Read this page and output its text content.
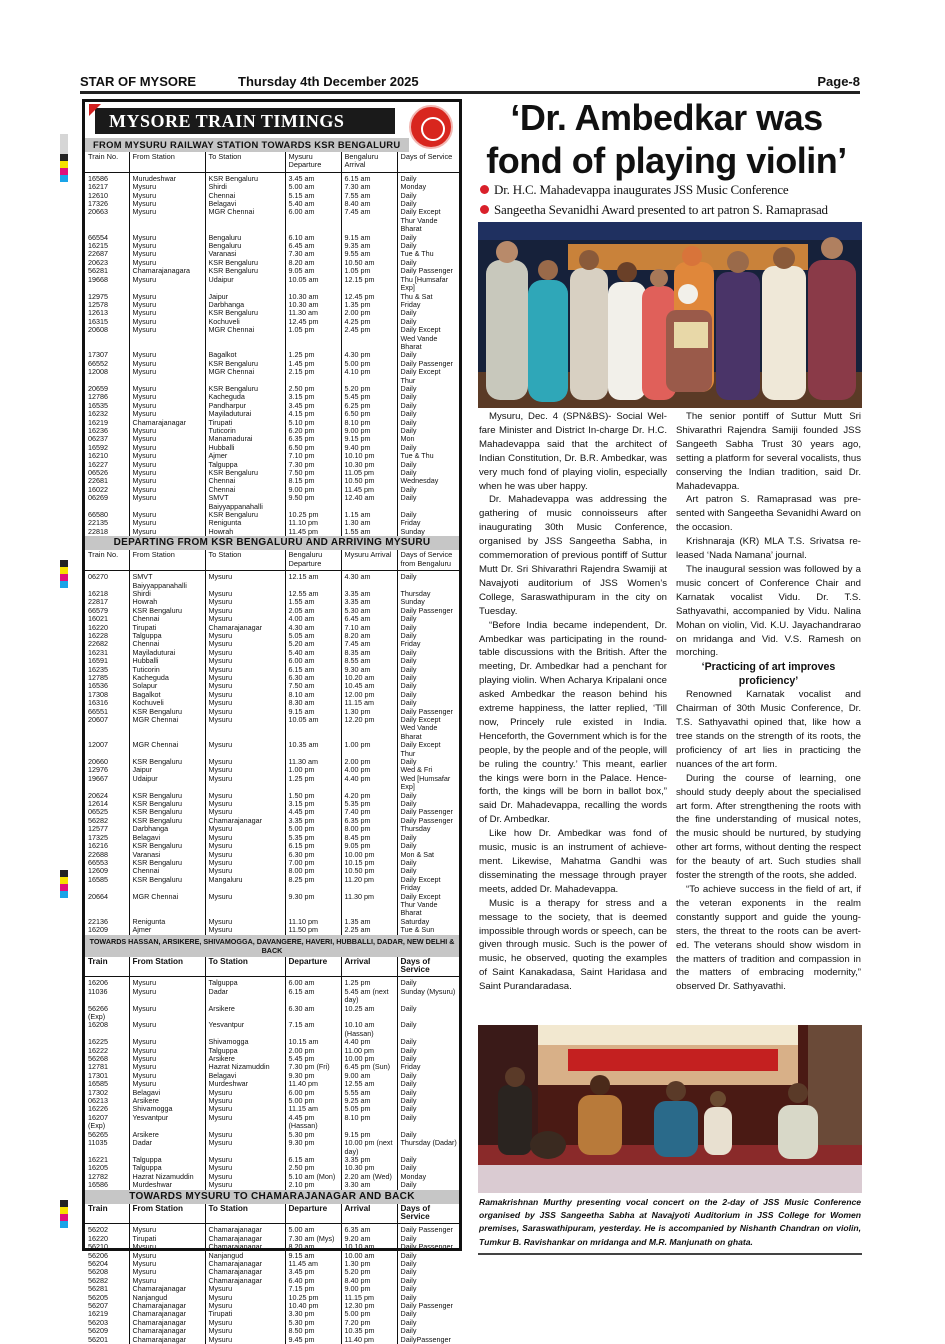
STAR OF MYSORE	Thursday 4th December 2025	Page-8
MYSORE TRAIN TIMINGS
FROM MYSURU RAILWAY STATION TOWARDS KSR BENGALURU
Train No.	From Station	To Station	Mysuru Departure	Bengaluru Arrival	Days of Service
16586	Murudeshwar	KSR Bengaluru	3.45 am	6.15 am	Daily
16217	Mysuru	Shirdi	5.00 am	7.30 am	Monday
12610	Mysuru	Chennai	5.15 am	7.55 am	Daily
17326	Mysuru	Belagavi	5.40 am	8.40 am	Daily
20663	Mysuru	MGR Chennai	6.00 am	7.45 am	Daily Except Thur Vande Bharat
66554	Mysuru	Bengaluru	6.10 am	9.15 am	Daily
16215	Mysuru	Bengaluru	6.45 am	9.35 am	Daily
22687	Mysuru	Varanasi	7.30 am	9.55 am	Tue & Thu
20623	Mysuru	KSR Bengaluru	8.20 am	10.50 am	Daily
56281	Chamarajanagara	KSR Bengaluru	9.05 am	1.05 pm	Daily Passenger
19668	Mysuru	Udaipur	10.05 am	12.15 pm	Thu [Humsafar Exp]
12975	Mysuru	Jaipur	10.30 am	12.45 pm	Thu & Sat
12578	Mysuru	Darbhanga	10.30 am	1.35 pm	Friday
12613	Mysuru	KSR Bengaluru	11.30 am	2.00 pm	Daily
16315	Mysuru	Kochuveli	12.45 pm	4.25 pm	Daily
20608	Mysuru	MGR Chennai	1.05 pm	2.45 pm	Daily Except Wed Vande Bharat
17307	Mysuru	Bagalkot	1.25 pm	4.30 pm	Daily
66552	Mysuru	KSR Bengaluru	1.45 pm	5.00 pm	Daily Passenger
12008	Mysuru	MGR Chennai	2.15 pm	4.10 pm	Daily Except Thur
20659	Mysuru	KSR Bengaluru	2.50 pm	5.20 pm	Daily
12786	Mysuru	Kacheguda	3.15 pm	5.45 pm	Daily
16535	Mysuru	Pandharpur	3.45 pm	6.25 pm	Daily
16232	Mysuru	Mayiladuturai	4.15 pm	6.50 pm	Daily
16219	Chamarajanagar	Tirupati	5.10 pm	8.10 pm	Daily
16236	Mysuru	Tuticorin	6.20 pm	9.00 pm	Daily
06237	Mysuru	Manamadurai	6.35 pm	9.15 pm	Mon
16592	Mysuru	Hubballi	6.50 pm	9.40 pm	Daily
16210	Mysuru	Ajmer	7.10 pm	10.10 pm	Tue & Thu
16227	Mysuru	Talguppa	7.30 pm	10.30 pm	Daily
06526	Mysuru	KSR Bengaluru	7.50 pm	11.05 pm	Daily
22681	Mysuru	Chennai	8.15 pm	10.50 pm	Wednesday
16022	Mysuru	Chennai	9.00 pm	11.45 pm	Daily
06269	Mysuru	SMVT Baiyyappanahalli	9.50 pm	12.40 am	Daily
66580	Mysuru	KSR Bengaluru	10.25 pm	1.15 am	Daily
22135	Mysuru	Renigunta	11.10 pm	1.30 am	Friday
22818	Mysuru	Howrah	11.45 pm	1.55 am	Sunday
DEPARTING FROM KSR BENGALURU AND ARRIVING MYSURU
Train No.	From Station	To Station	Bengaluru Departure	Mysuru Arrival	Days of Service from Bengaluru
06270	SMVT Baiyyappanahalli	Mysuru	12.15 am	4.30 am	Daily
16218	Shirdi	Mysuru	12.55 am	3.35 am	Thursday
22817	Howrah	Mysuru	1.55 am	3.35 am	Sunday
66579	KSR Bengaluru	Mysuru	2.05 am	5.30 am	Daily Passenger
16021	Chennai	Mysuru	4.00 am	6.45 am	Daily
16220	Tirupati	Chamarajanagar	4.30 am	7.10 am	Daily
16228	Talguppa	Mysuru	5.05 am	8.20 am	Daily
22682	Chennai	Mysuru	5.20 am	7.45 am	Friday
16231	Mayiladuturai	Mysuru	5.40 am	8.35 am	Daily
16591	Hubballi	Mysuru	6.00 am	8.55 am	Daily
16235	Tuticorin	Mysuru	6.15 am	9.30 am	Daily
12785	Kacheguda	Mysuru	6.30 am	10.20 am	Daily
16536	Solapur	Mysuru	7.50 am	10.45 am	Daily
17308	Bagalkot	Mysuru	8.10 am	12.00 pm	Daily
16316	Kochuveli	Mysuru	8.30 am	11.15 am	Daily
66551	KSR Bengaluru	Mysuru	9.15 am	1.30 pm	Daily Passenger
20607	MGR Chennai	Mysuru	10.05 am	12.20 pm	Daily Except Wed Vande Bharat
12007	MGR Chennai	Mysuru	10.35 am	1.00 pm	Daily Except Thur
20660	KSR Bengaluru	Mysuru	11.30 am	2.00 pm	Daily
12976	Jaipur	Mysuru	1.00 pm	4.00 pm	Wed & Fri
19667	Udaipur	Mysuru	1.25 pm	4.40 pm	Wed [Humsafar Exp]
20624	KSR Bengaluru	Mysuru	1.50 pm	4.20 pm	Daily
12614	KSR Bengaluru	Mysuru	3.15 pm	5.35 pm	Daily
06525	KSR Bengaluru	Mysuru	4.45 pm	7.40 pm	Daily Passenger
56282	KSR Bengaluru	Chamarajanagar	3.35 pm	6.35 pm	Daily Passenger
12577	Darbhanga	Mysuru	5.00 pm	8.00 pm	Thursday
17325	Belagavi	Mysuru	5.35 pm	8.45 pm	Daily
16216	KSR Bengaluru	Mysuru	6.15 pm	9.05 pm	Daily
22688	Varanasi	Mysuru	6.30 pm	10.00 pm	Mon & Sat
66553	KSR Bengaluru	Mysuru	7.00 pm	10.15 pm	Daily
12609	Chennai	Mysuru	8.00 pm	10.50 pm	Daily
16585	KSR Bengaluru	Mangaluru	8.25 pm	11.20 pm	Daily Except Friday
20664	MGR Chennai	Mysuru	9.30 pm	11.30 pm	Daily Except Thur Vande Bharat
22136	Renigunta	Mysuru	11.10 pm	1.35 am	Saturday
16209	Ajmer	Mysuru	11.50 pm	2.25 am	Tue & Sun
TOWARDS HASSAN, ARSIKERE, SHIVAMOGGA, DAVANGERE, HAVERI, HUBBALLI, DADAR, NEW DELHI & BACK
Train	From Station	To Station	Departure	Arrival	Days of Service
16206	Mysuru	Talguppa	6.00 am	1.25 pm	Daily
11036	Mysuru	Dadar	6.15 am	5.45 am (next day)	Sunday (Mysuru)
56266 (Exp)	Mysuru	Arsikere	6.30 am	10.25 am	Daily
16208	Mysuru	Yesvantpur	7.15 am	10.10 am (Hassan)	Daily
16225	Mysuru	Shivamogga	10.15 am	4.40 pm	Daily
16222	Mysuru	Talguppa	2.00 pm	11.00 pm	Daily
56268	Mysuru	Arsikere	5.45 pm	10.00 pm	Daily
12781	Mysuru	Hazrat Nizamuddin	7.30 pm (Fri)	6.45 pm (Sun)	Friday
17301	Mysuru	Belagavi	9.30 pm	9.00 am	Daily
16585	Mysuru	Murdeshwar	11.40 pm	12.55 am	Daily
17302	Belagavi	Mysuru	6.00 pm	5.55 am	Daily
06213	Arsikere	Mysuru	5.00 pm	9.25 am	Daily
16226	Shivamogga	Mysuru	11.15 am	5.05 pm	Daily
16207 (Exp)	Yesvantpur	Mysuru	4.45 pm (Hassan)	8.10 pm	Daily
56265	Arsikere	Mysuru	5.30 pm	9.15 pm	Daily
11035	Dadar	Mysuru	9.30 pm	10.00 pm (next day)	Thursday (Dadar)
16221	Talguppa	Mysuru	6.15 am	3.35 pm	Daily
16205	Talguppa	Mysuru	2.50 pm	10.30 pm	Daily
12782	Hazrat Nizamuddin	Mysuru	5.10 am (Mon)	2.20 am (Wed)	Monday
16586	Murdeshwar	Mysuru	2.10 pm	3.30 am	Daily
TOWARDS MYSURU TO CHAMARAJANAGAR AND BACK
Train	From Station	To Station	Departure	Arrival	Days of Service
56202	Mysuru	Chamarajanagar	5.00 am	6.35 am	Daily Passenger
16220	Tirupati	Chamarajanagar	7.30 am (Mys)	9.20 am	Daily
56210	Mysuru	Chamarajanagar	8.20 am	10.10 am	Daily Passenger
56206	Mysuru	Nanjangud	9.15 am	10.00 am	Daily
56204	Mysuru	Chamarajanagar	11.45 am	1.30 pm	Daily
56208	Mysuru	Chamarajanagar	3.45 pm	5.20 pm	Daily
56282	Mysuru	Chamarajanagar	6.40 pm	8.40 pm	Daily
56281	Chamarajanagar	Mysuru	7.15 pm	9.00 pm	Daily
56205	Nanjangud	Mysuru	10.25 pm	11.15 pm	Daily
56207	Chamarajanagar	Mysuru	10.40 pm	12.30 pm	Daily Passenger
16219	Chamarajanagar	Tirupati	3.30 pm	5.00 pm	Daily
56203	Chamarajanagar	Mysuru	5.30 pm	7.20 pm	Daily
56209	Chamarajanagar	Mysuru	8.50 pm	10.35 pm	Daily
56201	Chamarajanagar	Mysuru	9.45 pm	11.40 pm	DailyPassenger
‘Dr. Ambedkar was
fond of playing violin’
Dr. H.C. Mahadevappa inaugurates JSS Music Conference
Sangeetha Sevanidhi Award presented to art patron S. Ramaprasad

Mysuru, Dec. 4 (SPN&BS)- Social Welfare Minister and District In-charge Dr. H.C. Mahadevappa said that the architect of Indian Constitution, Dr. B.R. Ambedkar, was very much fond of playing violin, especially when he was uber happy.

Dr. Mahadevappa was addressing the gathering of music connoisseurs after inaugurating 30th Music Conference, organised by JSS Sangeetha Sabha, in commemoration of previous pontiff of Suttur Mutt Dr. Sri Shivarathri Rajendra Swamiji at Navajyoti auditorium of JSS Women’s College, Saraswathipuram in the city on Tuesday.

“Before India became independent, Dr. Ambedkar was participating in the round-table discussions with the British. After the meeting, Dr. Ambedkar had a penchant for playing violin. When Acharya Kripalani once asked Ambedkar the reason behind his extreme happiness, the latter replied, ‘Till now, Princely rule existed in India. Henceforth, the Government which is for the people, by the people and of the people, will be ruling the country.’ This meant, earlier the kings were born in the Palace. Henceforth, the kings will be born in ballot box,” said Dr. Mahadevappa, recalling the words of Dr. Ambedkar.

Like how Dr. Ambedkar was fond of music, music is an instrument of achievement. Likewise, Mahatma Gandhi was disseminating the message through prayer meets, added Dr. Mahadevappa.

Music is a therapy for stress and a message to the society, that is deemed impossible through words or speech, can be given through music. Such is the power of music, he observed, quoting the examples of Saint Kanakadasa, Saint Haridasa and Saint Purandaradasa.

The senior pontiff of Suttur Mutt Sri Shivarathri Rajendra Samiji founded JSS Sangeeth Sabha Trust 30 years ago, setting a platform for several vocalists, thus conserving the Indian tradition, said Dr. Mahadevappa.

Art patron S. Ramaprasad was presented with Sangeetha Sevanidhi Award on the occasion.

Krishnaraja (KR) MLA T.S. Srivatsa released ‘Nada Namana’ journal.

The inaugural session was followed by a music concert of Conference Chair and Karnatak vocalist Vidu. Dr. T.S. Sathyavathi, accompanied by Vidu. Nalina Mohan on violin, Vid. K.U. Jayachandrarao on mridanga and Vid. V.S. Ramesh on morching.

‘Practicing of art improves proficiency’

Renowned Karnatak vocalist and Chairman of 30th Music Conference, Dr. T.S. Sathyavathi opined that, like how a tree stands on the strength of its roots, the proficiency of art lies in practicing the nuances of the art form.

During the course of learning, one should study deeply about the specialised art form. After strengthening the roots with the fine understanding of musical notes, the music should be nurtured, by studying other art forms, without denting the respect for the beauty of art. Such studies shall foster the strength of the roots, she added.

“To achieve success in the field of art, if the veteran exponents in the realm constantly support and guide the youngsters, the threat to the roots can be averted. The veterans should show wisdom in the matters of tradition and compassion in the matters of embracing modernity,” observed Dr. Sathyavathi.

Ramakrishnan Murthy presenting vocal concert on the 2-day of JSS Music Conference organised by JSS Sangeetha Sabha at Navajyoti Auditorium in JSS College for Women premises, Saraswathipuram, yesterday. He is accompanied by Nishanth Chandran on violin, Tumkur B. Ravishankar on mridanga and M.R. Manjunath on ghata.
